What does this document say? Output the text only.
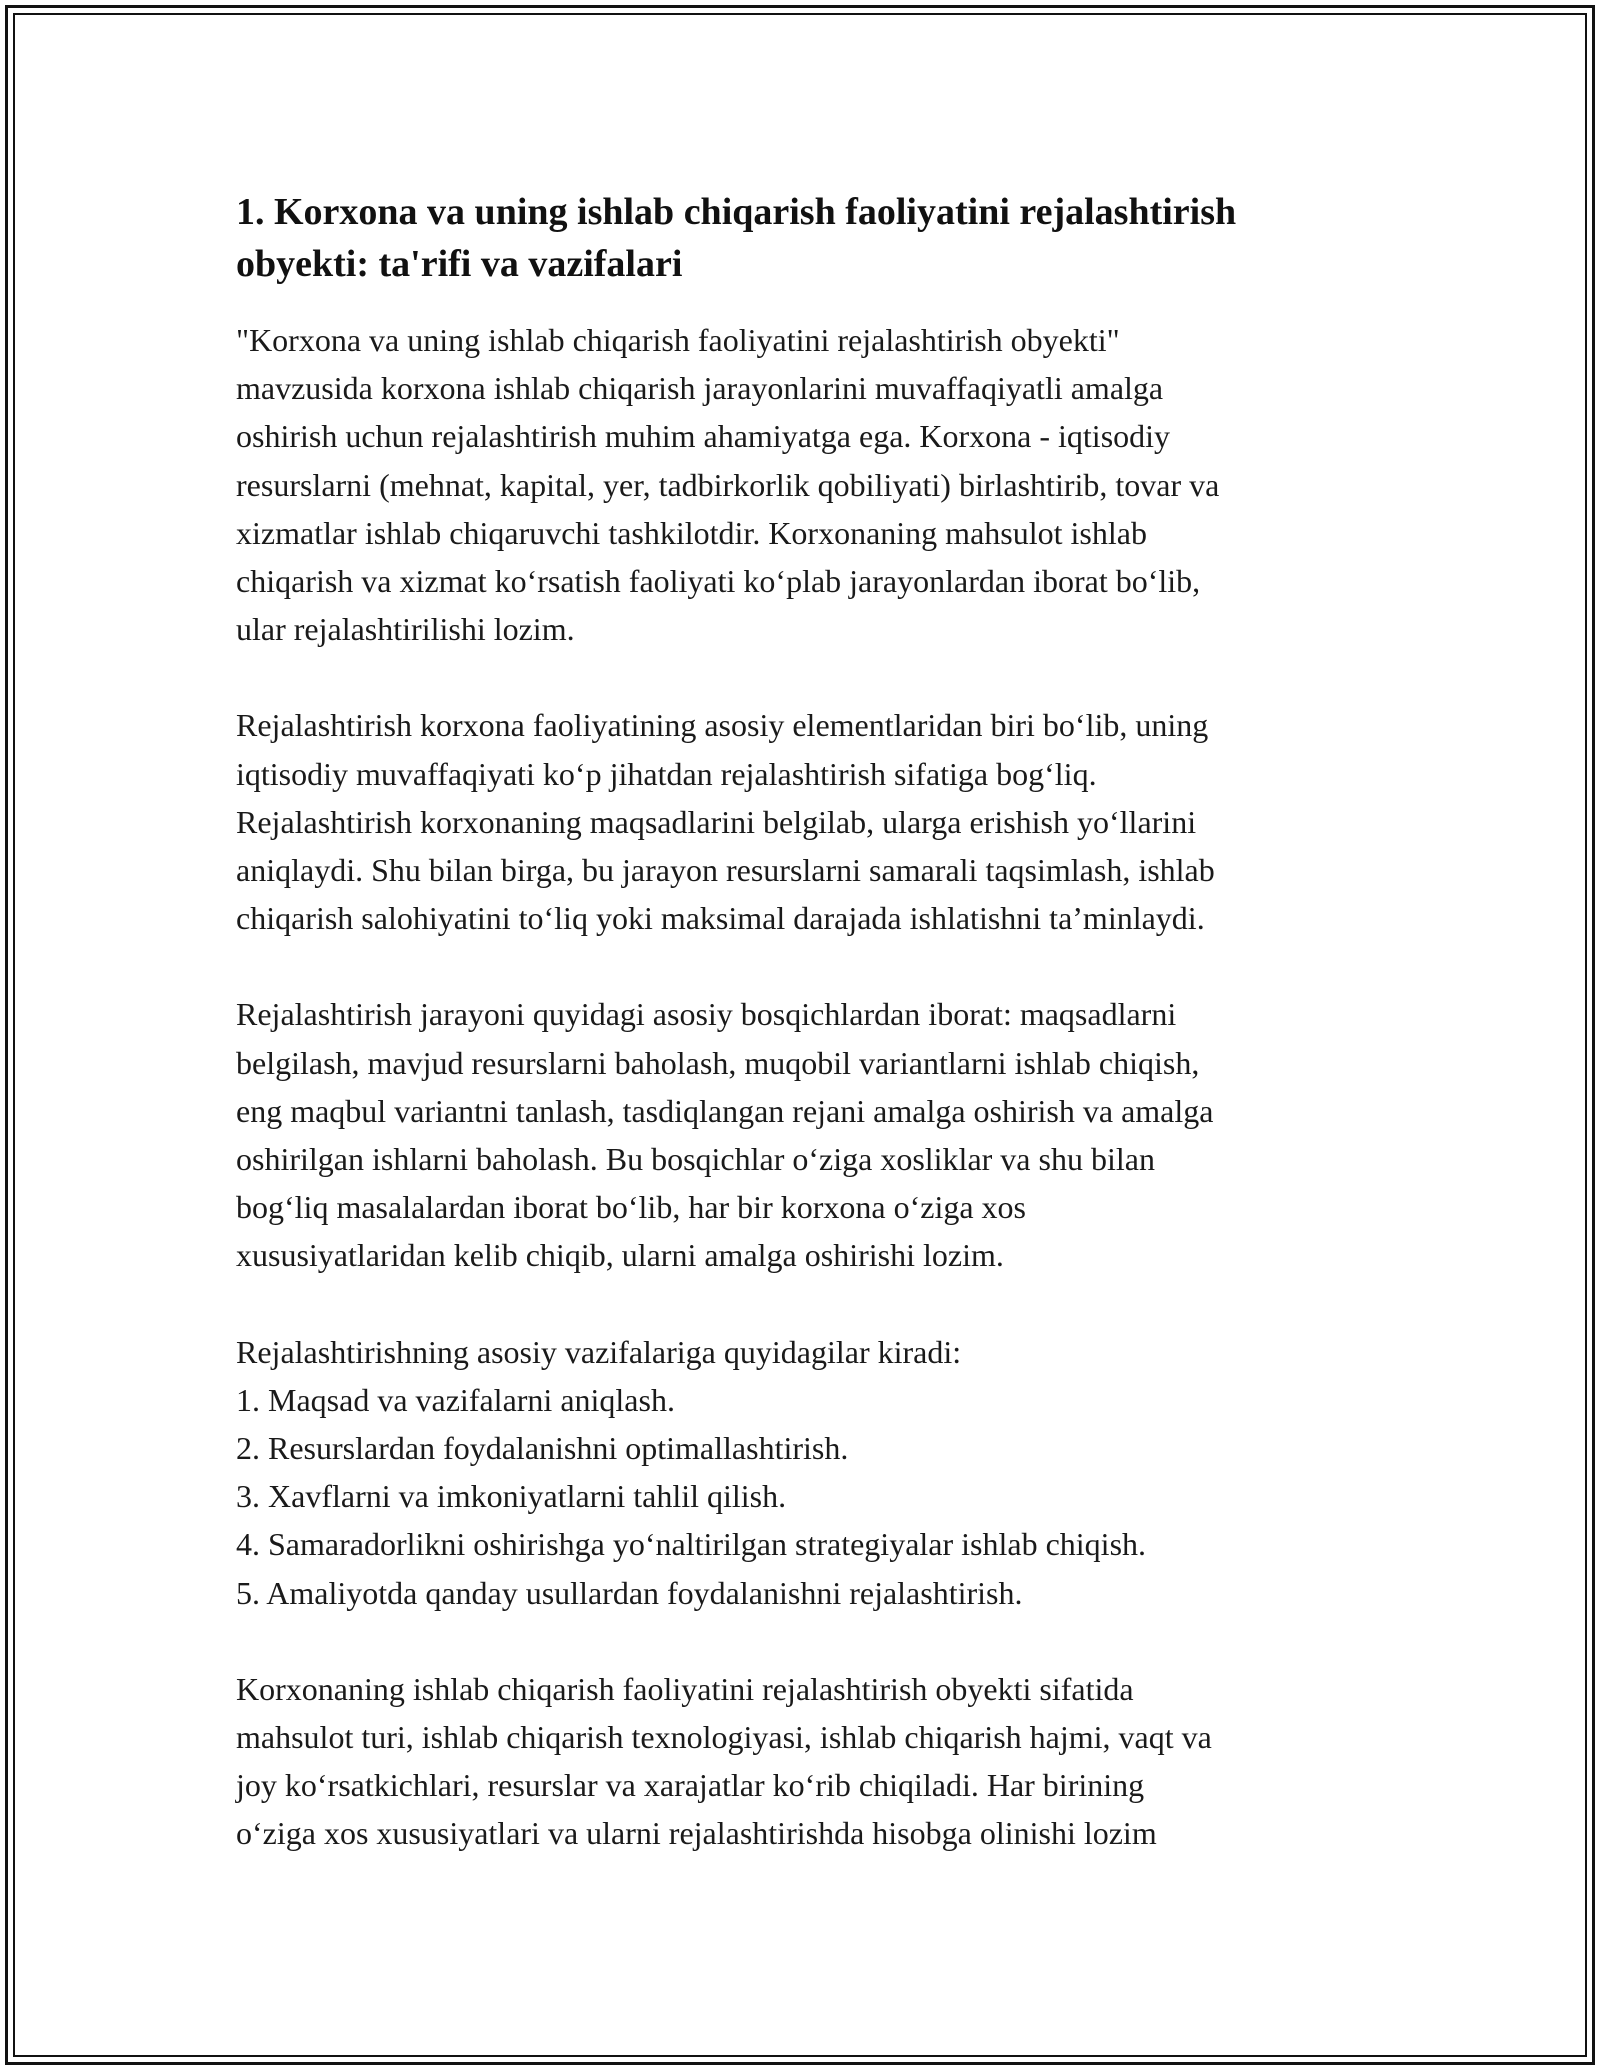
1. Korxona va uning ishlab chiqarish faoliyatini rejalashtirish obyekti: ta'rifi va vazifalari

"Korxona va uning ishlab chiqarish faoliyatini rejalashtirish obyekti"
mavzusida korxona ishlab chiqarish jarayonlarini muvaffaqiyatli amalga
oshirish uchun rejalashtirish muhim ahamiyatga ega. Korxona - iqtisodiy
resurslarni (mehnat, kapital, yer, tadbirkorlik qobiliyati) birlashtirib, tovar va
xizmatlar ishlab chiqaruvchi tashkilotdir. Korxonaning mahsulot ishlab
chiqarish va xizmat ko‘rsatish faoliyati ko‘plab jarayonlardan iborat bo‘lib,
ular rejalashtirilishi lozim.

Rejalashtirish korxona faoliyatining asosiy elementlaridan biri bo‘lib, uning
iqtisodiy muvaffaqiyati ko‘p jihatdan rejalashtirish sifatiga bog‘liq.
Rejalashtirish korxonaning maqsadlarini belgilab, ularga erishish yo‘llarini
aniqlaydi. Shu bilan birga, bu jarayon resurslarni samarali taqsimlash, ishlab
chiqarish salohiyatini to‘liq yoki maksimal darajada ishlatishni ta’minlaydi.

Rejalashtirish jarayoni quyidagi asosiy bosqichlardan iborat: maqsadlarni
belgilash, mavjud resurslarni baholash, muqobil variantlarni ishlab chiqish,
eng maqbul variantni tanlash, tasdiqlangan rejani amalga oshirish va amalga
oshirilgan ishlarni baholash. Bu bosqichlar o‘ziga xosliklar va shu bilan
bog‘liq masalalardan iborat bo‘lib, har bir korxona o‘ziga xos
xususiyatlaridan kelib chiqib, ularni amalga oshirishi lozim.

Rejalashtirishning asosiy vazifalariga quyidagilar kiradi:

1. Maqsad va vazifalarni aniqlash.
2. Resurslardan foydalanishni optimallashtirish.
3. Xavflarni va imkoniyatlarni tahlil qilish.
4. Samaradorlikni oshirishga yo‘naltirilgan strategiyalar ishlab chiqish.
5. Amaliyotda qanday usullardan foydalanishni rejalashtirish.

Korxonaning ishlab chiqarish faoliyatini rejalashtirish obyekti sifatida
mahsulot turi, ishlab chiqarish texnologiyasi, ishlab chiqarish hajmi, vaqt va
joy ko‘rsatkichlari, resurslar va xarajatlar ko‘rib chiqiladi. Har birining
o‘ziga xos xususiyatlari va ularni rejalashtirishda hisobga olinishi lozim
